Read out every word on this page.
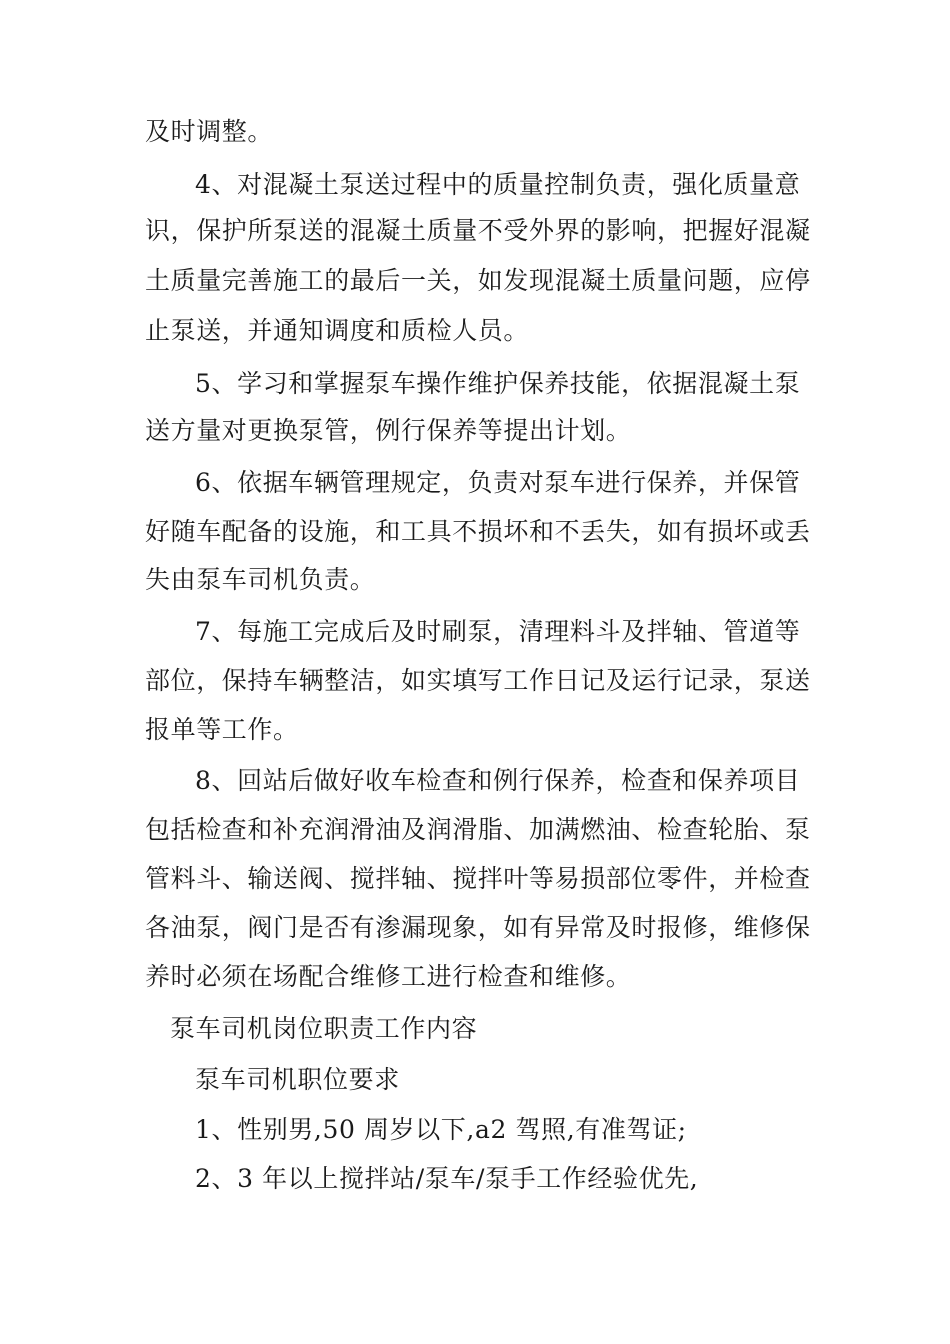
及时调整。
4、对混凝土泵送过程中的质量控制负责，强化质量意
识，保护所泵送的混凝土质量不受外界的影响，把握好混凝
土质量完善施工的最后一关，如发现混凝土质量问题，应停
止泵送，并通知调度和质检人员。
5、学习和掌握泵车操作维护保养技能，依据混凝土泵
送方量对更换泵管，例行保养等提出计划。
6、依据车辆管理规定，负责对泵车进行保养，并保管
好随车配备的设施，和工具不损坏和不丢失，如有损坏或丢
失由泵车司机负责。
7、每施工完成后及时刷泵，清理料斗及拌轴、管道等
部位，保持车辆整洁，如实填写工作日记及运行记录，泵送
报单等工作。
8、回站后做好收车检查和例行保养，检查和保养项目
包括检查和补充润滑油及润滑脂、加满燃油、检查轮胎、泵
管料斗、输送阀、搅拌轴、搅拌叶等易损部位零件，并检查
各油泵，阀门是否有渗漏现象，如有异常及时报修，维修保
养时必须在场配合维修工进行检查和维修。
泵车司机岗位职责工作内容
泵车司机职位要求
1、性别男,50 周岁以下,a2 驾照,有准驾证;
2、3 年以上搅拌站/泵车/泵手工作经验优先,
